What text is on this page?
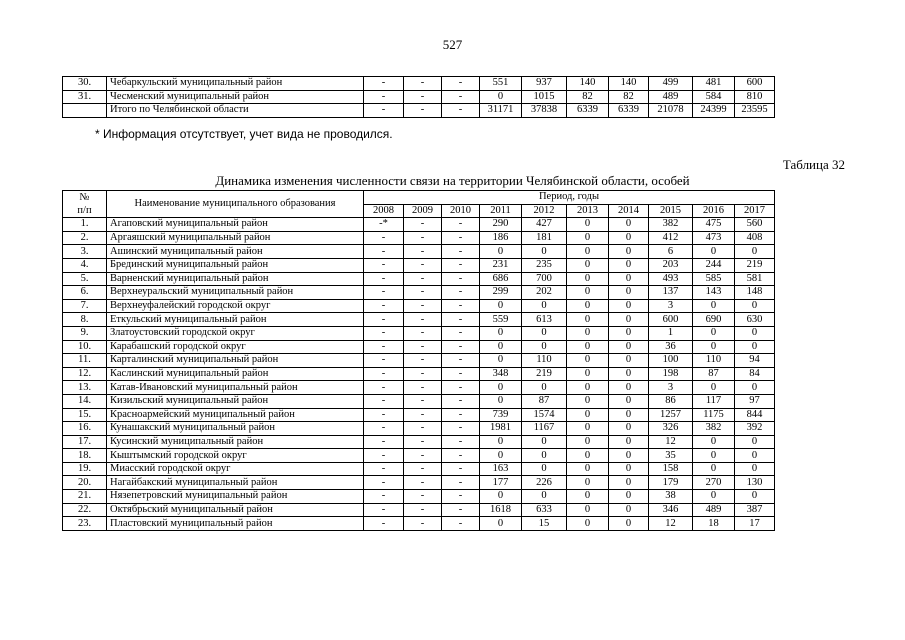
527
30.	Чебаркульский муниципальный район	-	-	-	551	937	140	140	499	481	600
31.	Чесменский муниципальный район	-	-	-	0	1015	82	82	489	584	810
	Итого по Челябинской области	-	-	-	31171	37838	6339	6339	21078	24399	23595
* Информация отсутствует, учет вида не проводился.
Таблица 32
Динамика изменения численности связи на территории Челябинской области, особей
№
п/п	Наименование муниципального образования	Период, годы									
		2008	2009	2010	2011	2012	2013	2014	2015	2016	2017
1.	Агаповский муниципальный район	-*	-	-	290	427	0	0	382	475	560
2.	Аргаяшский муниципальный район	-	-	-	186	181	0	0	412	473	408
3.	Ашинский муниципальный район	-	-	-	0	0	0	0	6	0	0
4.	Брединский муниципальный район	-	-	-	231	235	0	0	203	244	219
5.	Варненский муниципальный район	-	-	-	686	700	0	0	493	585	581
6.	Верхнеуральский муниципальный район	-	-	-	299	202	0	0	137	143	148
7.	Верхнеуфалейский городской округ	-	-	-	0	0	0	0	3	0	0
8.	Еткульский муниципальный район	-	-	-	559	613	0	0	600	690	630
9.	Златоустовский городской округ	-	-	-	0	0	0	0	1	0	0
10.	Карабашский городской округ	-	-	-	0	0	0	0	36	0	0
11.	Карталинский муниципальный район	-	-	-	0	110	0	0	100	110	94
12.	Каслинский муниципальный район	-	-	-	348	219	0	0	198	87	84
13.	Катав-Ивановский муниципальный район	-	-	-	0	0	0	0	3	0	0
14.	Кизильский муниципальный район	-	-	-	0	87	0	0	86	117	97
15.	Красноармейский муниципальный район	-	-	-	739	1574	0	0	1257	1175	844
16.	Кунашакский муниципальный район	-	-	-	1981	1167	0	0	326	382	392
17.	Кусинский муниципальный район	-	-	-	0	0	0	0	12	0	0
18.	Кыштымский городской округ	-	-	-	0	0	0	0	35	0	0
19.	Миасский городской округ	-	-	-	163	0	0	0	158	0	0
20.	Нагайбакский муниципальный район	-	-	-	177	226	0	0	179	270	130
21.	Нязепетровский муниципальный район	-	-	-	0	0	0	0	38	0	0
22.	Октябрьский муниципальный район	-	-	-	1618	633	0	0	346	489	387
23.	Пластовский муниципальный район	-	-	-	0	15	0	0	12	18	17
